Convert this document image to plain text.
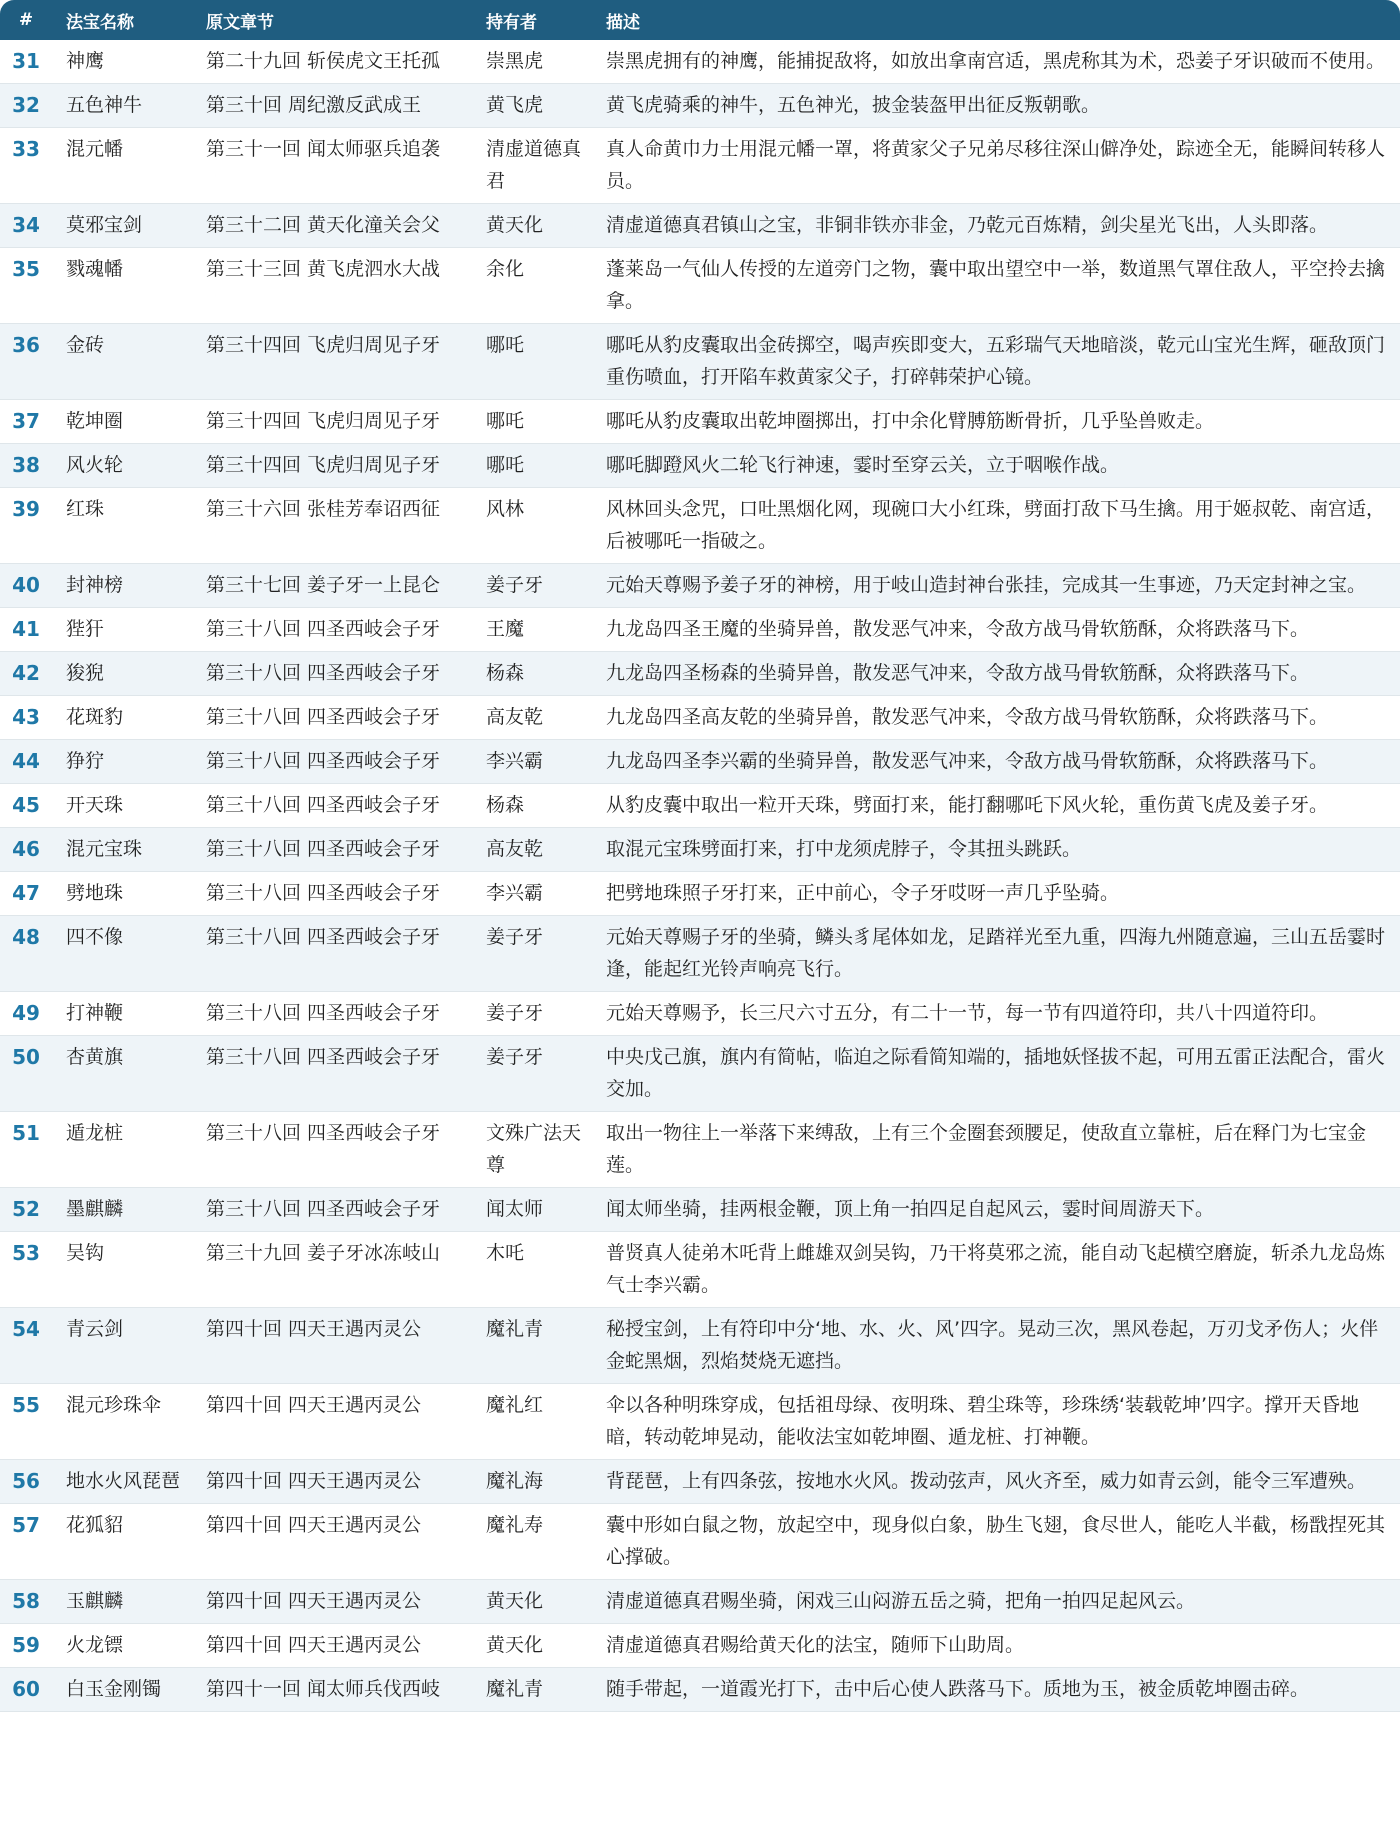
#	法宝名称	原文章节	持有者	描述
31	神鹰	第二十九回 斩侯虎文王托孤	崇黑虎	崇黑虎拥有的神鹰，能捕捉敌将，如放出拿南宫适，黑虎称其为术，恐姜子牙识破而不使用。
32	五色神牛	第三十回 周纪激反武成王	黄飞虎	黄飞虎骑乘的神牛，五色神光，披金装盔甲出征反叛朝歌。
33	混元幡	第三十一回 闻太师驱兵追袭	清虚道德真君	真人命黄巾力士用混元幡一罩，将黄家父子兄弟尽移往深山僻净处，踪迹全无，能瞬间转移人员。
34	莫邪宝剑	第三十二回 黄天化潼关会父	黄天化	清虚道德真君镇山之宝，非铜非铁亦非金，乃乾元百炼精，剑尖星光飞出，人头即落。
35	戮魂幡	第三十三回 黄飞虎泗水大战	余化	蓬莱岛一气仙人传授的左道旁门之物，囊中取出望空中一举，数道黑气罩住敌人，平空拎去擒拿。
36	金砖	第三十四回 飞虎归周见子牙	哪吒	哪吒从豹皮囊取出金砖掷空，喝声疾即变大，五彩瑞气天地暗淡，乾元山宝光生辉，砸敌顶门重伤喷血，打开陷车救黄家父子，打碎韩荣护心镜。
37	乾坤圈	第三十四回 飞虎归周见子牙	哪吒	哪吒从豹皮囊取出乾坤圈掷出，打中余化臂膊筋断骨折，几乎坠兽败走。
38	风火轮	第三十四回 飞虎归周见子牙	哪吒	哪吒脚蹬风火二轮飞行神速，霎时至穿云关，立于咽喉作战。
39	红珠	第三十六回 张桂芳奉诏西征	风林	风林回头念咒，口吐黑烟化网，现碗口大小红珠，劈面打敌下马生擒。用于姬叔乾、南宫适，后被哪吒一指破之。
40	封神榜	第三十七回 姜子牙一上昆仑	姜子牙	元始天尊赐予姜子牙的神榜，用于岐山造封神台张挂，完成其一生事迹，乃天定封神之宝。
41	狴犴	第三十八回 四圣西岐会子牙	王魔	九龙岛四圣王魔的坐骑异兽，散发恶气冲来，令敌方战马骨软筋酥，众将跌落马下。
42	狻猊	第三十八回 四圣西岐会子牙	杨森	九龙岛四圣杨森的坐骑异兽，散发恶气冲来，令敌方战马骨软筋酥，众将跌落马下。
43	花斑豹	第三十八回 四圣西岐会子牙	高友乾	九龙岛四圣高友乾的坐骑异兽，散发恶气冲来，令敌方战马骨软筋酥，众将跌落马下。
44	狰狞	第三十八回 四圣西岐会子牙	李兴霸	九龙岛四圣李兴霸的坐骑异兽，散发恶气冲来，令敌方战马骨软筋酥，众将跌落马下。
45	开天珠	第三十八回 四圣西岐会子牙	杨森	从豹皮囊中取出一粒开天珠，劈面打来，能打翻哪吒下风火轮，重伤黄飞虎及姜子牙。
46	混元宝珠	第三十八回 四圣西岐会子牙	高友乾	取混元宝珠劈面打来，打中龙须虎脖子，令其扭头跳跃。
47	劈地珠	第三十八回 四圣西岐会子牙	李兴霸	把劈地珠照子牙打来，正中前心，令子牙哎呀一声几乎坠骑。
48	四不像	第三十八回 四圣西岐会子牙	姜子牙	元始天尊赐子牙的坐骑，鳞头豸尾体如龙，足踏祥光至九重，四海九州随意遍，三山五岳霎时逢，能起红光铃声响亮飞行。
49	打神鞭	第三十八回 四圣西岐会子牙	姜子牙	元始天尊赐予，长三尺六寸五分，有二十一节，每一节有四道符印，共八十四道符印。
50	杏黄旗	第三十八回 四圣西岐会子牙	姜子牙	中央戊己旗，旗内有简帖，临迫之际看简知端的，插地妖怪拔不起，可用五雷正法配合，雷火交加。
51	遁龙桩	第三十八回 四圣西岐会子牙	文殊广法天尊	取出一物往上一举落下来缚敌，上有三个金圈套颈腰足，使敌直立靠桩，后在释门为七宝金莲。
52	墨麒麟	第三十八回 四圣西岐会子牙	闻太师	闻太师坐骑，挂两根金鞭，顶上角一拍四足自起风云，霎时间周游天下。
53	吴钩	第三十九回 姜子牙冰冻岐山	木吒	普贤真人徒弟木吒背上雌雄双剑吴钩，乃干将莫邪之流，能自动飞起横空磨旋，斩杀九龙岛炼气士李兴霸。
54	青云剑	第四十回 四天王遇丙灵公	魔礼青	秘授宝剑，上有符印中分‘地、水、火、风’四字。晃动三次，黑风卷起，万刃戈矛伤人；火伴金蛇黑烟，烈焰焚烧无遮挡。
55	混元珍珠伞	第四十回 四天王遇丙灵公	魔礼红	伞以各种明珠穿成，包括祖母绿、夜明珠、碧尘珠等，珍珠绣‘装载乾坤’四字。撑开天昏地暗，转动乾坤晃动，能收法宝如乾坤圈、遁龙桩、打神鞭。
56	地水火风琵琶	第四十回 四天王遇丙灵公	魔礼海	背琵琶，上有四条弦，按地水火风。拨动弦声，风火齐至，威力如青云剑，能令三军遭殃。
57	花狐貂	第四十回 四天王遇丙灵公	魔礼寿	囊中形如白鼠之物，放起空中，现身似白象，胁生飞翅，食尽世人，能吃人半截，杨戬捏死其心撑破。
58	玉麒麟	第四十回 四天王遇丙灵公	黄天化	清虚道德真君赐坐骑，闲戏三山闷游五岳之骑，把角一拍四足起风云。
59	火龙镖	第四十回 四天王遇丙灵公	黄天化	清虚道德真君赐给黄天化的法宝，随师下山助周。
60	白玉金刚镯	第四十一回 闻太师兵伐西岐	魔礼青	随手带起，一道霞光打下，击中后心使人跌落马下。质地为玉，被金质乾坤圈击碎。
